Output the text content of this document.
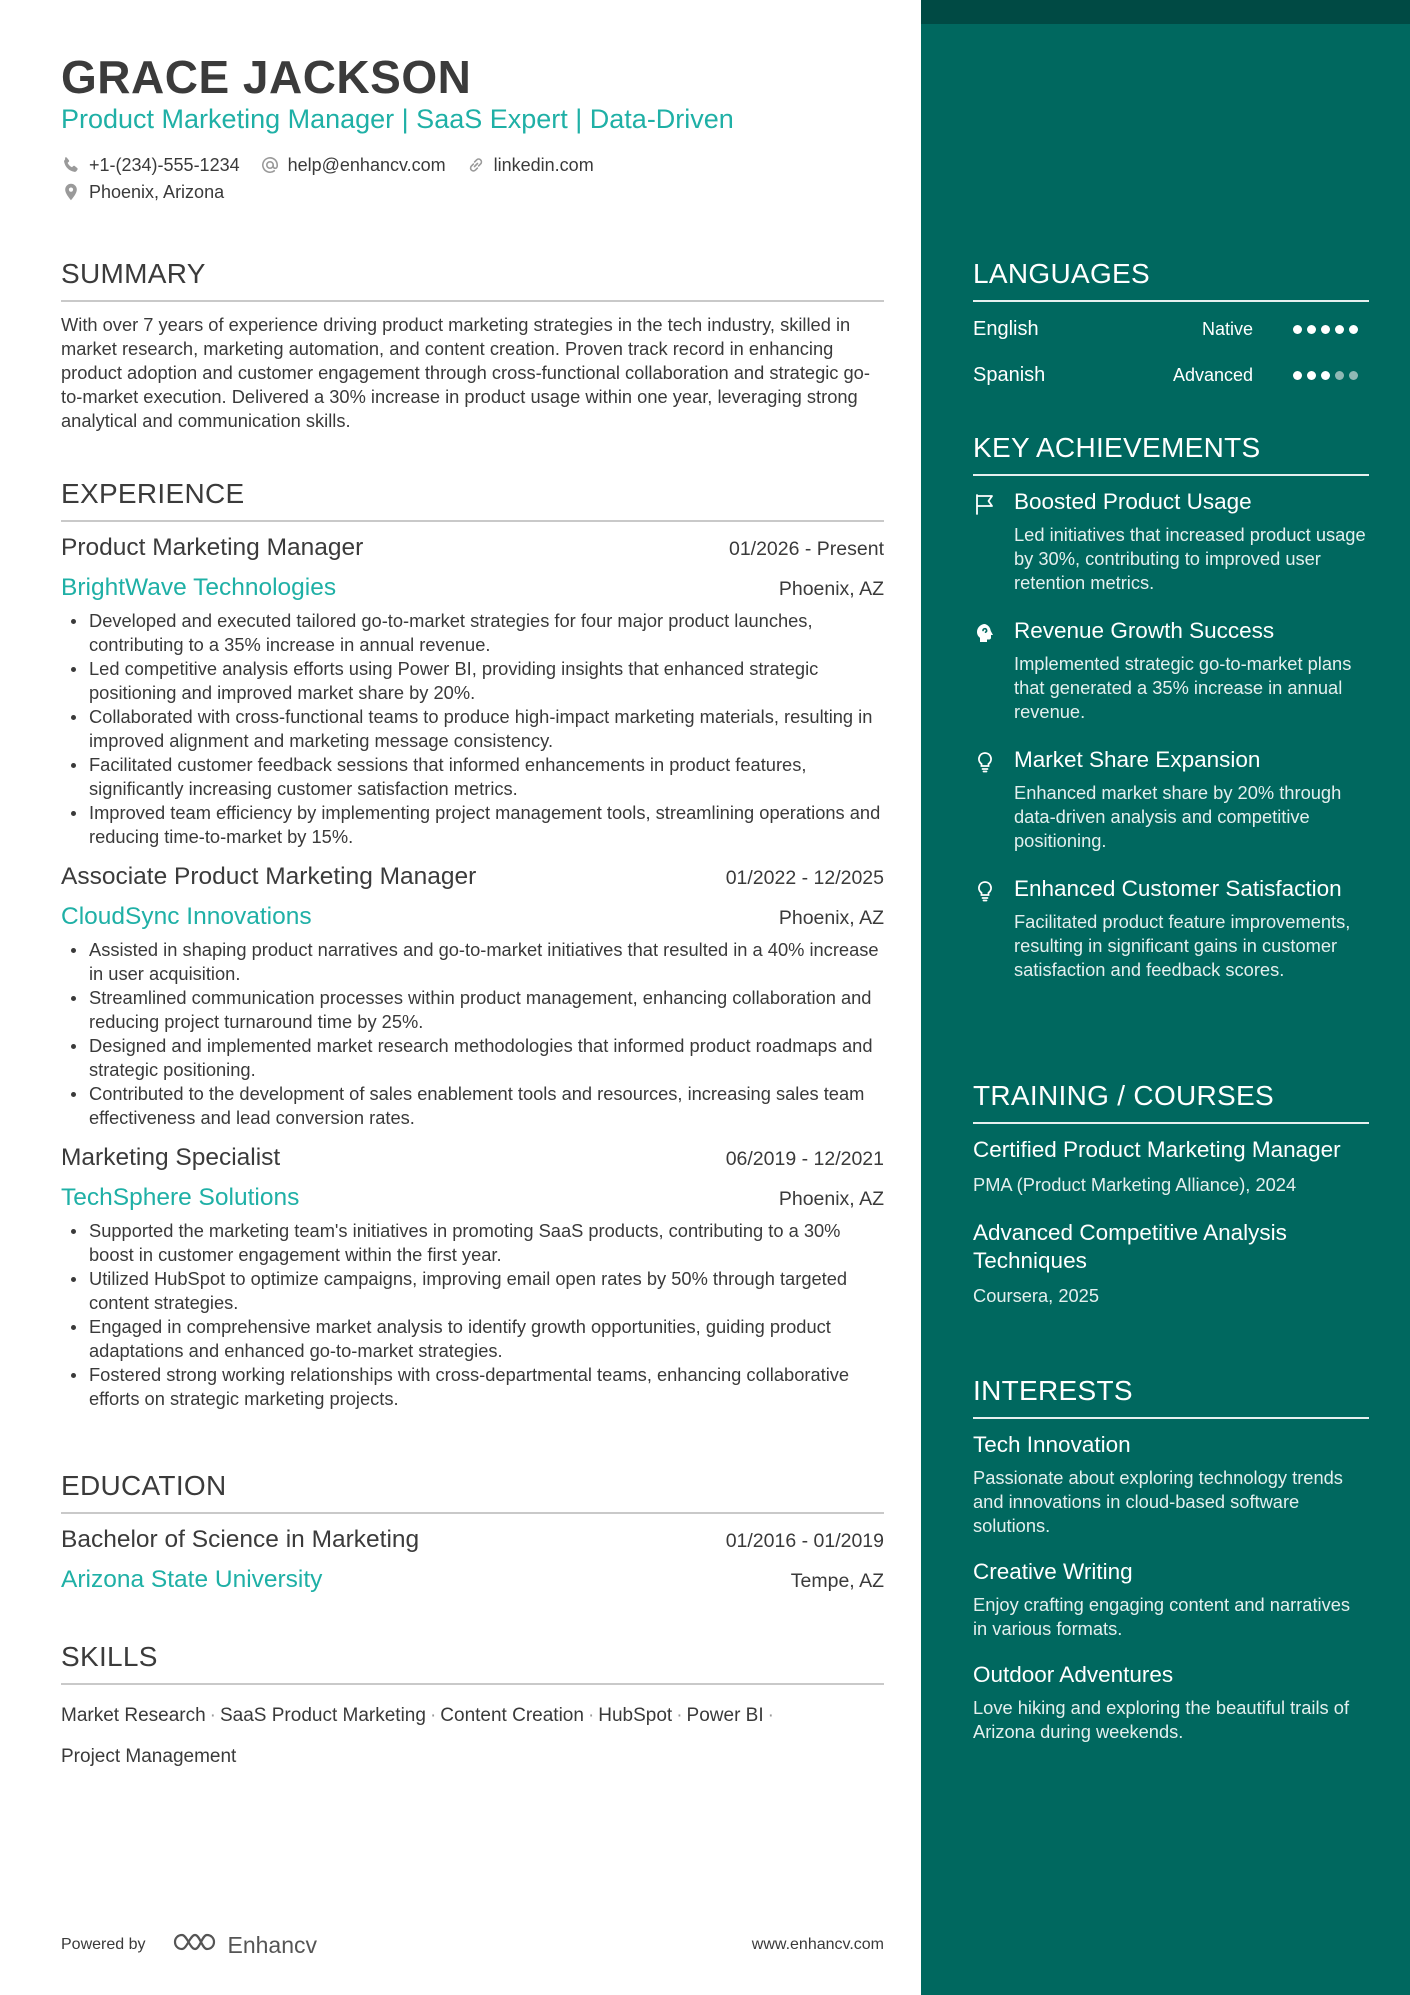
GRACE JACKSON
Product Marketing Manager | SaaS Expert | Data-Driven
+1-(234)-555-1234	help@enhancv.com	linkedin.com
Phoenix, Arizona
SUMMARY
With over 7 years of experience driving product marketing strategies in the tech industry, skilled in market research, marketing automation, and content creation. Proven track record in enhancing product adoption and customer engagement through cross-functional collaboration and strategic go-to-market execution. Delivered a 30% increase in product usage within one year, leveraging strong analytical and communication skills.
EXPERIENCE
Product Marketing Manager	01/2026 - Present
BrightWave Technologies	Phoenix, AZ
Developed and executed tailored go-to-market strategies for four major product launches, contributing to a 35% increase in annual revenue.
Led competitive analysis efforts using Power BI, providing insights that enhanced strategic positioning and improved market share by 20%.
Collaborated with cross-functional teams to produce high-impact marketing materials, resulting in improved alignment and marketing message consistency.
Facilitated customer feedback sessions that informed enhancements in product features, significantly increasing customer satisfaction metrics.
Improved team efficiency by implementing project management tools, streamlining operations and reducing time-to-market by 15%.
Associate Product Marketing Manager	01/2022 - 12/2025
CloudSync Innovations	Phoenix, AZ
Assisted in shaping product narratives and go-to-market initiatives that resulted in a 40% increase in user acquisition.
Streamlined communication processes within product management, enhancing collaboration and reducing project turnaround time by 25%.
Designed and implemented market research methodologies that informed product roadmaps and strategic positioning.
Contributed to the development of sales enablement tools and resources, increasing sales team effectiveness and lead conversion rates.
Marketing Specialist	06/2019 - 12/2021
TechSphere Solutions	Phoenix, AZ
Supported the marketing team's initiatives in promoting SaaS products, contributing to a 30% boost in customer engagement within the first year.
Utilized HubSpot to optimize campaigns, improving email open rates by 50% through targeted content strategies.
Engaged in comprehensive market analysis to identify growth opportunities, guiding product adaptations and enhanced go-to-market strategies.
Fostered strong working relationships with cross-departmental teams, enhancing collaborative efforts on strategic marketing projects.
EDUCATION
Bachelor of Science in Marketing	01/2016 - 01/2019
Arizona State University	Tempe, AZ
SKILLS
Market Research · SaaS Product Marketing · Content Creation · HubSpot · Power BI ·
Project Management
Powered by	Enhancv	www.enhancv.com
LANGUAGES
English	Native
Spanish	Advanced
KEY ACHIEVEMENTS
Boosted Product Usage
Led initiatives that increased product usage by 30%, contributing to improved user retention metrics.
Revenue Growth Success
Implemented strategic go-to-market plans that generated a 35% increase in annual revenue.
Market Share Expansion
Enhanced market share by 20% through data-driven analysis and competitive positioning.
Enhanced Customer Satisfaction
Facilitated product feature improvements, resulting in significant gains in customer satisfaction and feedback scores.
TRAINING / COURSES
Certified Product Marketing Manager
PMA (Product Marketing Alliance), 2024
Advanced Competitive Analysis Techniques
Coursera, 2025
INTERESTS
Tech Innovation
Passionate about exploring technology trends and innovations in cloud-based software solutions.
Creative Writing
Enjoy crafting engaging content and narratives in various formats.
Outdoor Adventures
Love hiking and exploring the beautiful trails of Arizona during weekends.
